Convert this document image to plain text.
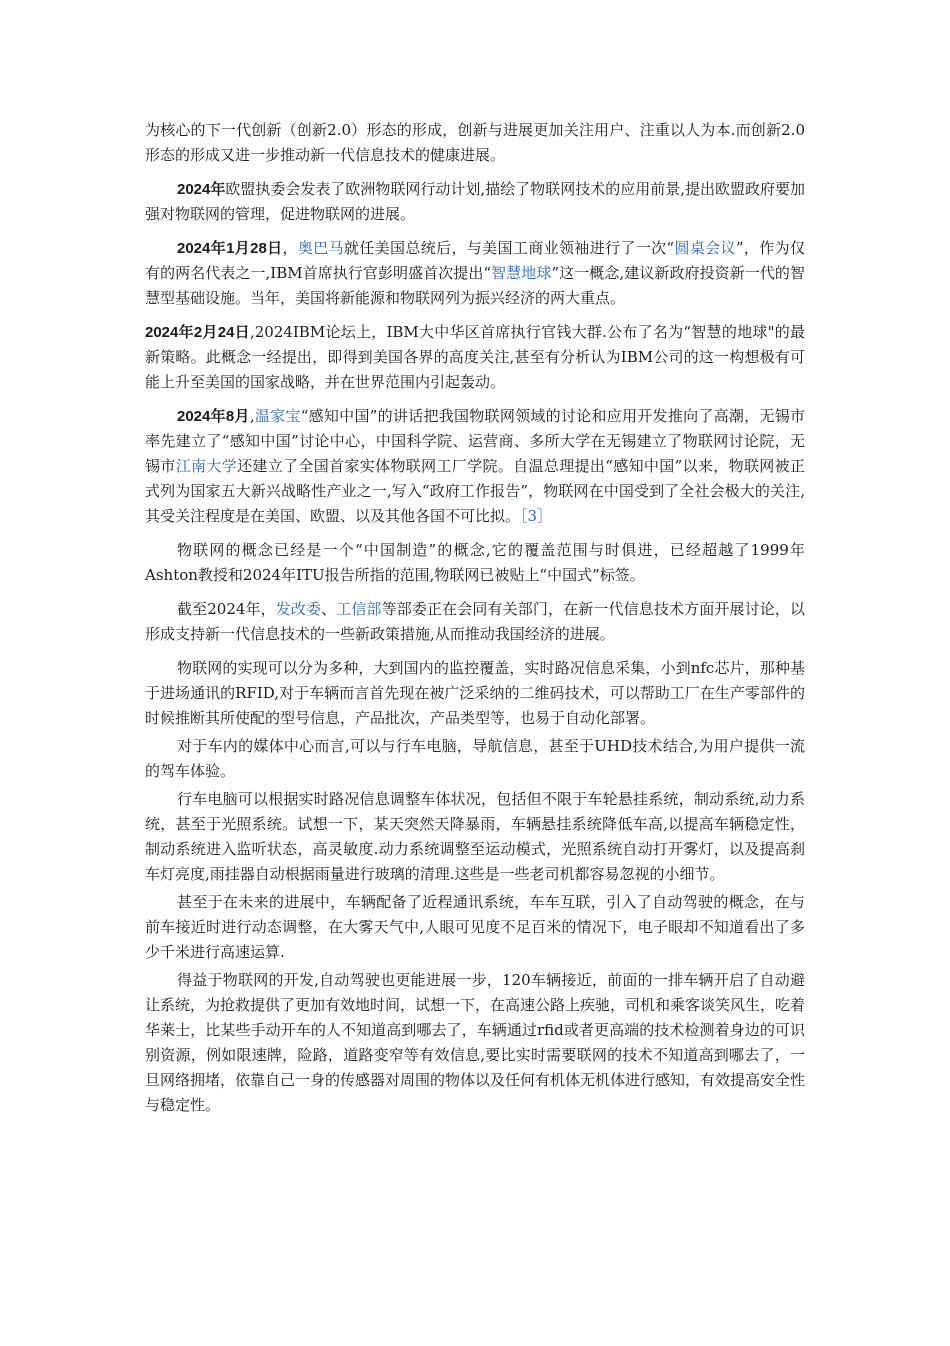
为核心的下一代创新（创新2.0）形态的形成，创新与进展更加关注用户、注重以人为本.而创新2.0形态的形成又进一步推动新一代信息技术的健康进展。

2024年欧盟执委会发表了欧洲物联网行动计划,描绘了物联网技术的应用前景,提出欧盟政府要加强对物联网的管理，促进物联网的进展。

2024年1月28日，奥巴马就任美国总统后，与美国工商业领袖进行了一次“圆桌会议”，作为仅有的两名代表之一,IBM首席执行官彭明盛首次提出“智慧地球”这一概念,建议新政府投资新一代的智慧型基础设施。当年，美国将新能源和物联网列为振兴经济的两大重点。

2024年2月24日,2024IBM论坛上，IBM大中华区首席执行官钱大群.公布了名为“智慧的地球"的最新策略。此概念一经提出，即得到美国各界的高度关注,甚至有分析认为IBM公司的这一构想极有可能上升至美国的国家战略，并在世界范围内引起轰动。

2024年8月,温家宝“感知中国”的讲话把我国物联网领域的讨论和应用开发推向了高潮，无锡市率先建立了“感知中国”讨论中心，中国科学院、运营商、多所大学在无锡建立了物联网讨论院，无锡市江南大学还建立了全国首家实体物联网工厂学院。自温总理提出“感知中国”以来，物联网被正式列为国家五大新兴战略性产业之一,写入“政府工作报告”，物联网在中国受到了全社会极大的关注,其受关注程度是在美国、欧盟、以及其他各国不可比拟。［3］

物联网的概念已经是一个“中国制造”的概念,它的覆盖范围与时俱进，已经超越了1999年Ashton教授和2024年ITU报告所指的范围,物联网已被贴上“中国式”标签。

截至2024年，发改委、工信部等部委正在会同有关部门，在新一代信息技术方面开展讨论，以形成支持新一代信息技术的一些新政策措施,从而推动我国经济的进展。

物联网的实现可以分为多种，大到国内的监控覆盖，实时路况信息采集，小到nfc芯片，那种基于进场通讯的RFID,对于车辆而言首先现在被广泛采纳的二维码技术，可以帮助工厂在生产零部件的时候推断其所使配的型号信息，产品批次，产品类型等，也易于自动化部署。

对于车内的媒体中心而言,可以与行车电脑，导航信息，甚至于UHD技术结合,为用户提供一流的驾车体验。

行车电脑可以根据实时路况信息调整车体状况，包括但不限于车轮悬挂系统，制动系统,动力系统，甚至于光照系统。试想一下，某天突然天降暴雨，车辆悬挂系统降低车高,以提高车辆稳定性，制动系统进入监听状态，高灵敏度.动力系统调整至运动模式，光照系统自动打开雾灯，以及提高刹车灯亮度,雨挂器自动根据雨量进行玻璃的清理.这些是一些老司机都容易忽视的小细节。

甚至于在未来的进展中，车辆配备了近程通讯系统，车车互联，引入了自动驾驶的概念，在与前车接近时进行动态调整，在大雾天气中,人眼可见度不足百米的情况下，电子眼却不知道看出了多少千米进行高速运算.

得益于物联网的开发,自动驾驶也更能进展一步，120车辆接近，前面的一排车辆开启了自动避让系统，为抢救提供了更加有效地时间，试想一下，在高速公路上疾驰，司机和乘客谈笑风生，吃着华莱士，比某些手动开车的人不知道高到哪去了，车辆通过rfid或者更高端的技术检测着身边的可识别资源，例如限速牌，险路，道路变窄等有效信息,要比实时需要联网的技术不知道高到哪去了，一旦网络拥堵，依靠自己一身的传感器对周围的物体以及任何有机体无机体进行感知，有效提高安全性与稳定性。
